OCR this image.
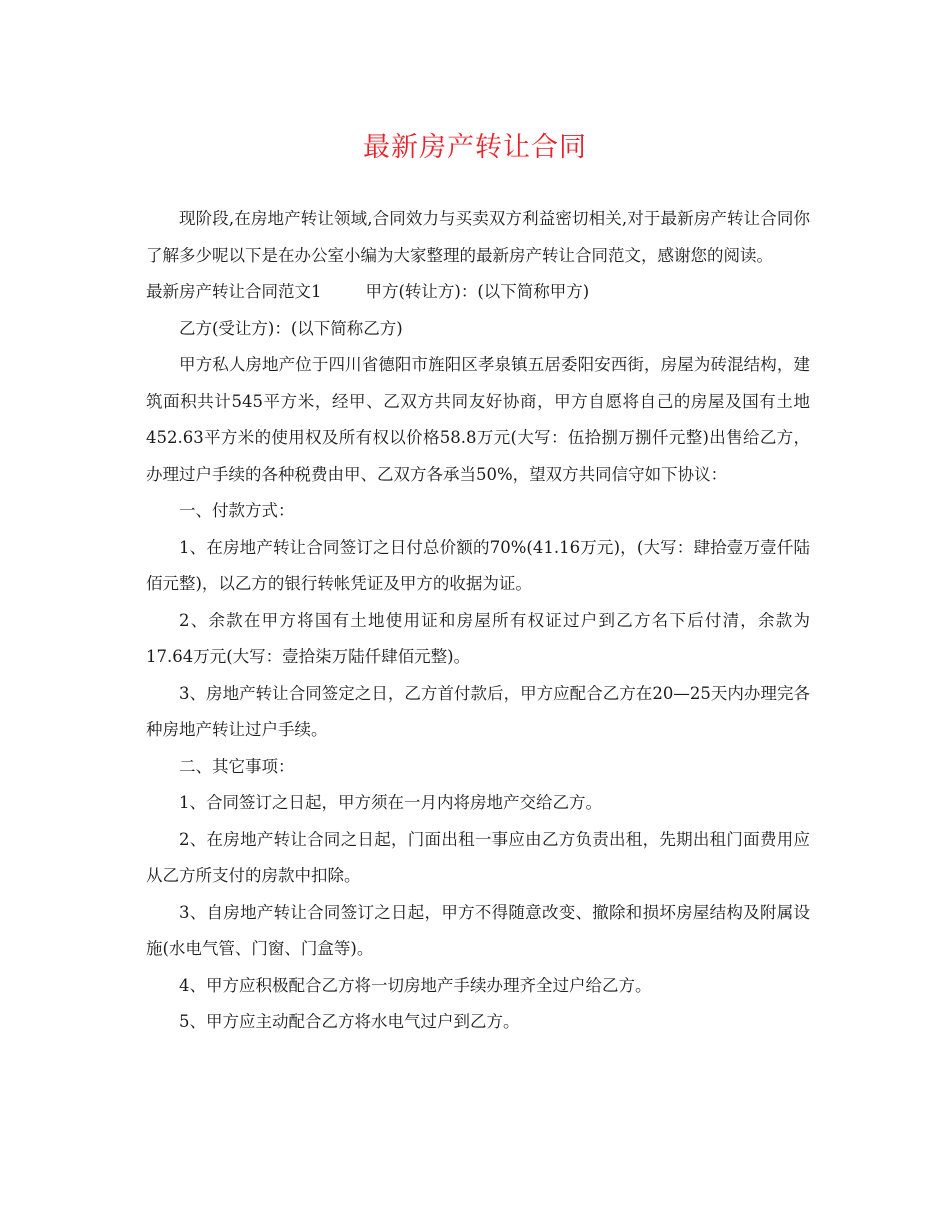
最新房产转让合同

现阶段,在房地产转让领域,合同效力与买卖双方利益密切相关,对于最新房产转让合同你了解多少呢以下是在办公室小编为大家整理的最新房产转让合同范文，感谢您的阅读。

最新房产转让合同范文1	甲方(转让方)：(以下简称甲方)

乙方(受让方)：(以下简称乙方)

甲方私人房地产位于四川省德阳市旌阳区孝泉镇五居委阳安西街，房屋为砖混结构，建筑面积共计545平方米，经甲、乙双方共同友好协商，甲方自愿将自己的房屋及国有土地452.63平方米的使用权及所有权以价格58.8万元(大写：伍拾捌万捌仟元整)出售给乙方，办理过户手续的各种税费由甲、乙双方各承当50%，望双方共同信守如下协议：

一、付款方式：

1、在房地产转让合同签订之日付总价额的70%(41.16万元)，(大写：肆拾壹万壹仟陆佰元整)，以乙方的银行转帐凭证及甲方的收据为证。

2、余款在甲方将国有土地使用证和房屋所有权证过户到乙方名下后付清，余款为17.64万元(大写：壹拾柒万陆仟肆佰元整)。

3、房地产转让合同签定之日，乙方首付款后，甲方应配合乙方在20—25天内办理完各种房地产转让过户手续。

二、其它事项：

1、合同签订之日起，甲方须在一月内将房地产交给乙方。

2、在房地产转让合同之日起，门面出租一事应由乙方负责出租，先期出租门面费用应从乙方所支付的房款中扣除。

3、自房地产转让合同签订之日起，甲方不得随意改变、撤除和损坏房屋结构及附属设施(水电气管、门窗、门盒等)。

4、甲方应积极配合乙方将一切房地产手续办理齐全过户给乙方。

5、甲方应主动配合乙方将水电气过户到乙方。
